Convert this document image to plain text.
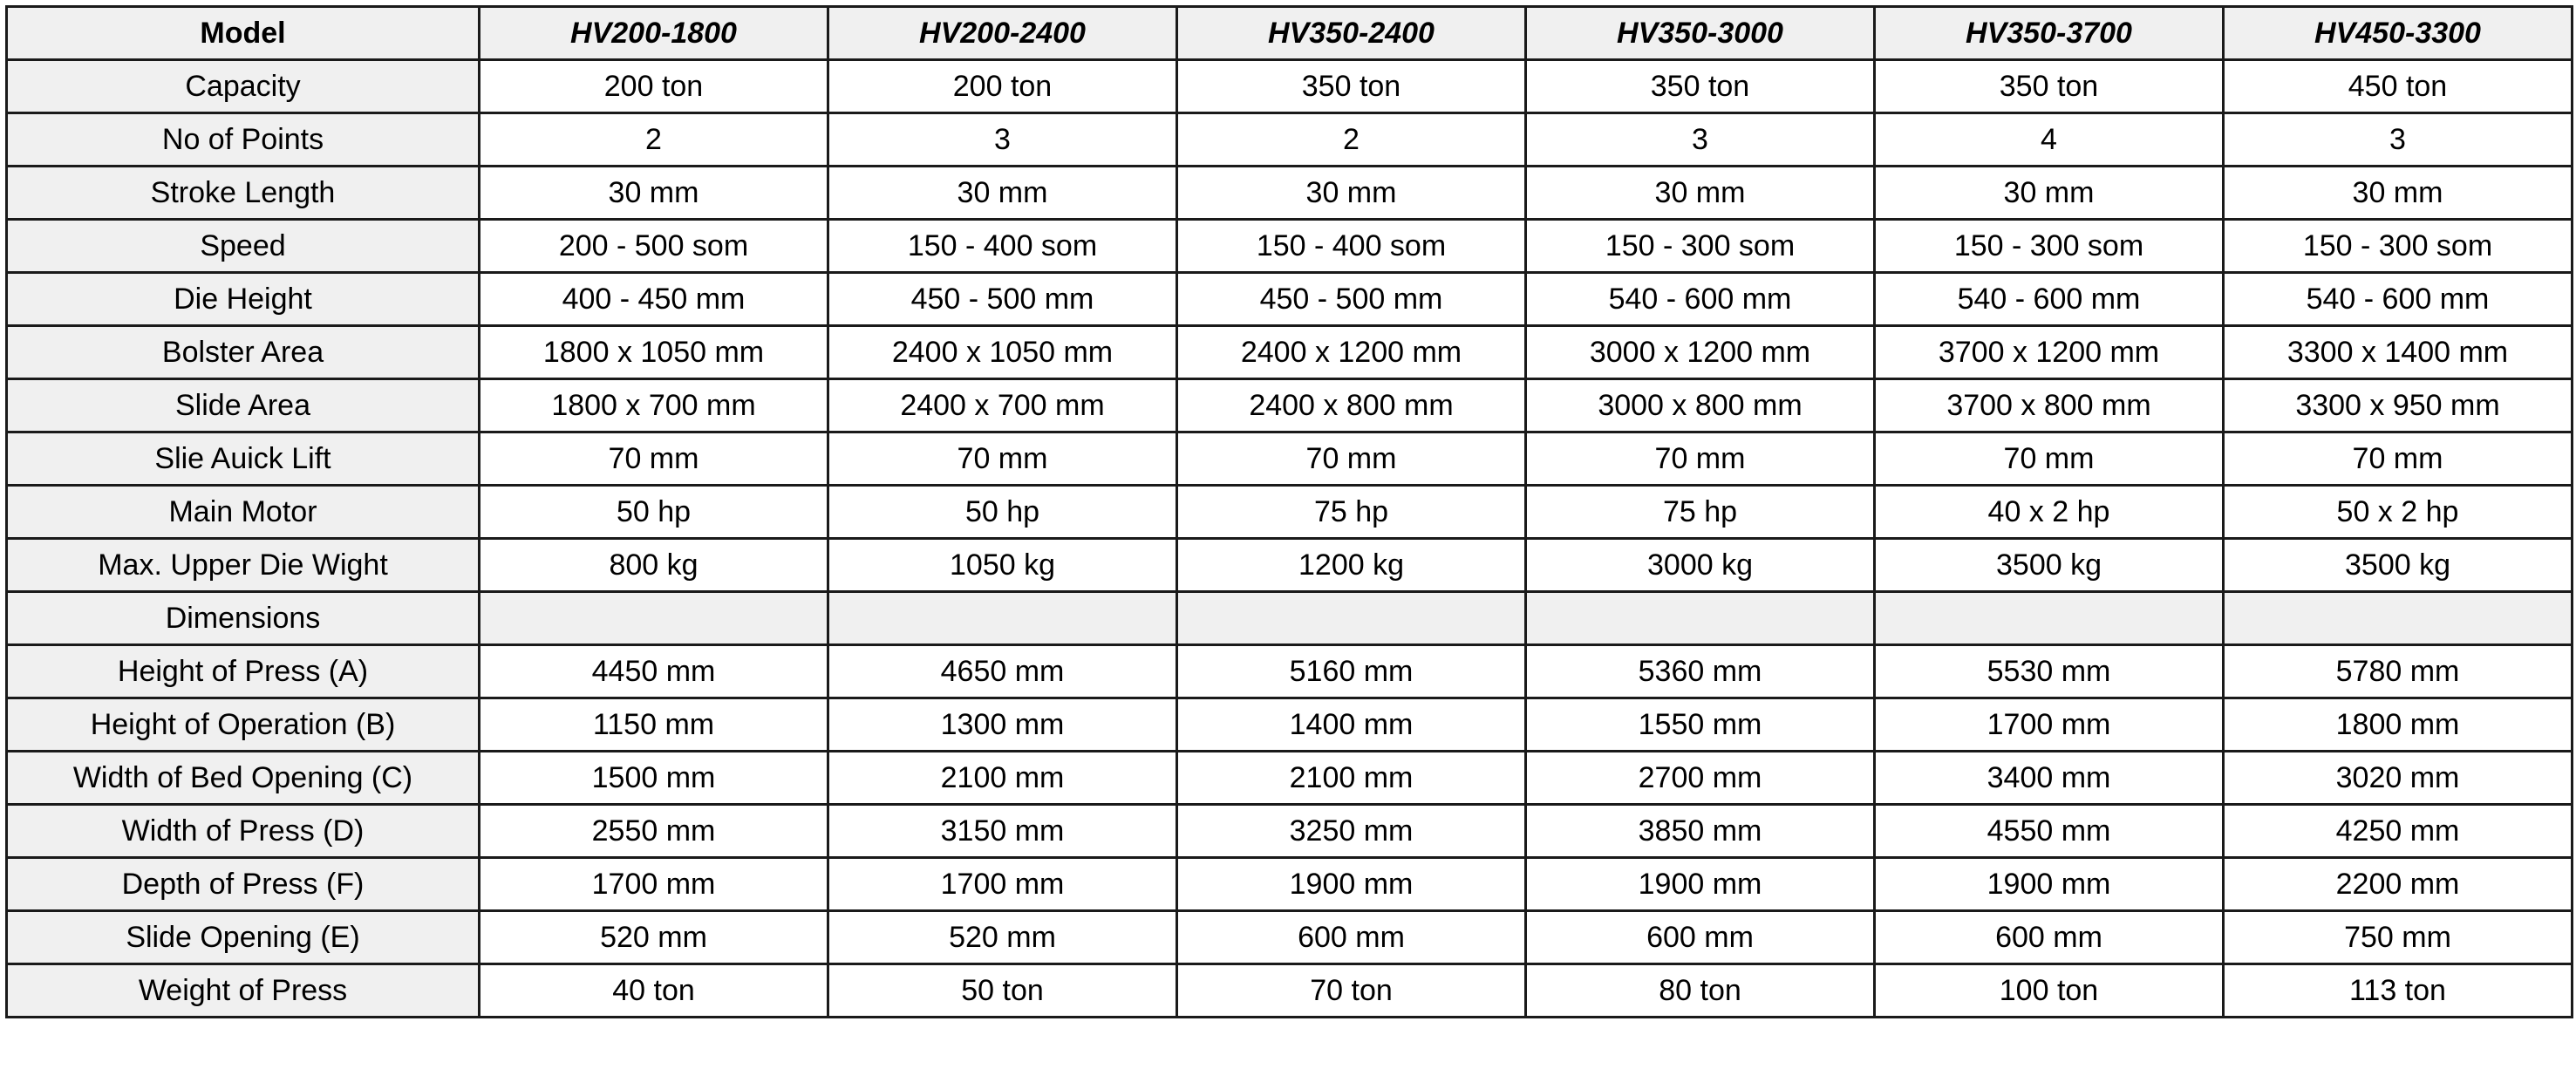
Model	HV200-1800	HV200-2400	HV350-2400	HV350-3000	HV350-3700	HV450-3300
Capacity	200 ton	200 ton	350 ton	350 ton	350 ton	450 ton
No of Points	2	3	2	3	4	3
Stroke Length	30 mm	30 mm	30 mm	30 mm	30 mm	30 mm
Speed	200 - 500 som	150 - 400 som	150 - 400 som	150 - 300 som	150 - 300 som	150 - 300 som
Die Height	400 - 450 mm	450 - 500 mm	450 - 500 mm	540 - 600 mm	540 - 600 mm	540 - 600 mm
Bolster Area	1800 x 1050 mm	2400 x 1050 mm	2400 x 1200 mm	3000 x 1200 mm	3700 x 1200 mm	3300 x 1400 mm
Slide Area	1800 x 700 mm	2400 x 700 mm	2400 x 800 mm	3000 x 800 mm	3700 x 800 mm	3300 x 950 mm
Slie Auick Lift	70 mm	70 mm	70 mm	70 mm	70 mm	70 mm
Main Motor	50 hp	50 hp	75 hp	75 hp	40 x 2 hp	50 x 2 hp
Max. Upper Die Wight	800 kg	1050 kg	1200 kg	3000 kg	3500 kg	3500 kg
Dimensions						
Height of Press (A)	4450 mm	4650 mm	5160 mm	5360 mm	5530 mm	5780 mm
Height of Operation (B)	1150 mm	1300 mm	1400 mm	1550 mm	1700 mm	1800 mm
Width of Bed Opening (C)	1500 mm	2100 mm	2100 mm	2700 mm	3400 mm	3020 mm
Width of Press (D)	2550 mm	3150 mm	3250 mm	3850 mm	4550 mm	4250 mm
Depth of Press (F)	1700 mm	1700 mm	1900 mm	1900 mm	1900 mm	2200 mm
Slide Opening (E)	520 mm	520 mm	600 mm	600 mm	600 mm	750 mm
Weight of Press	40 ton	50 ton	70 ton	80 ton	100 ton	113 ton
